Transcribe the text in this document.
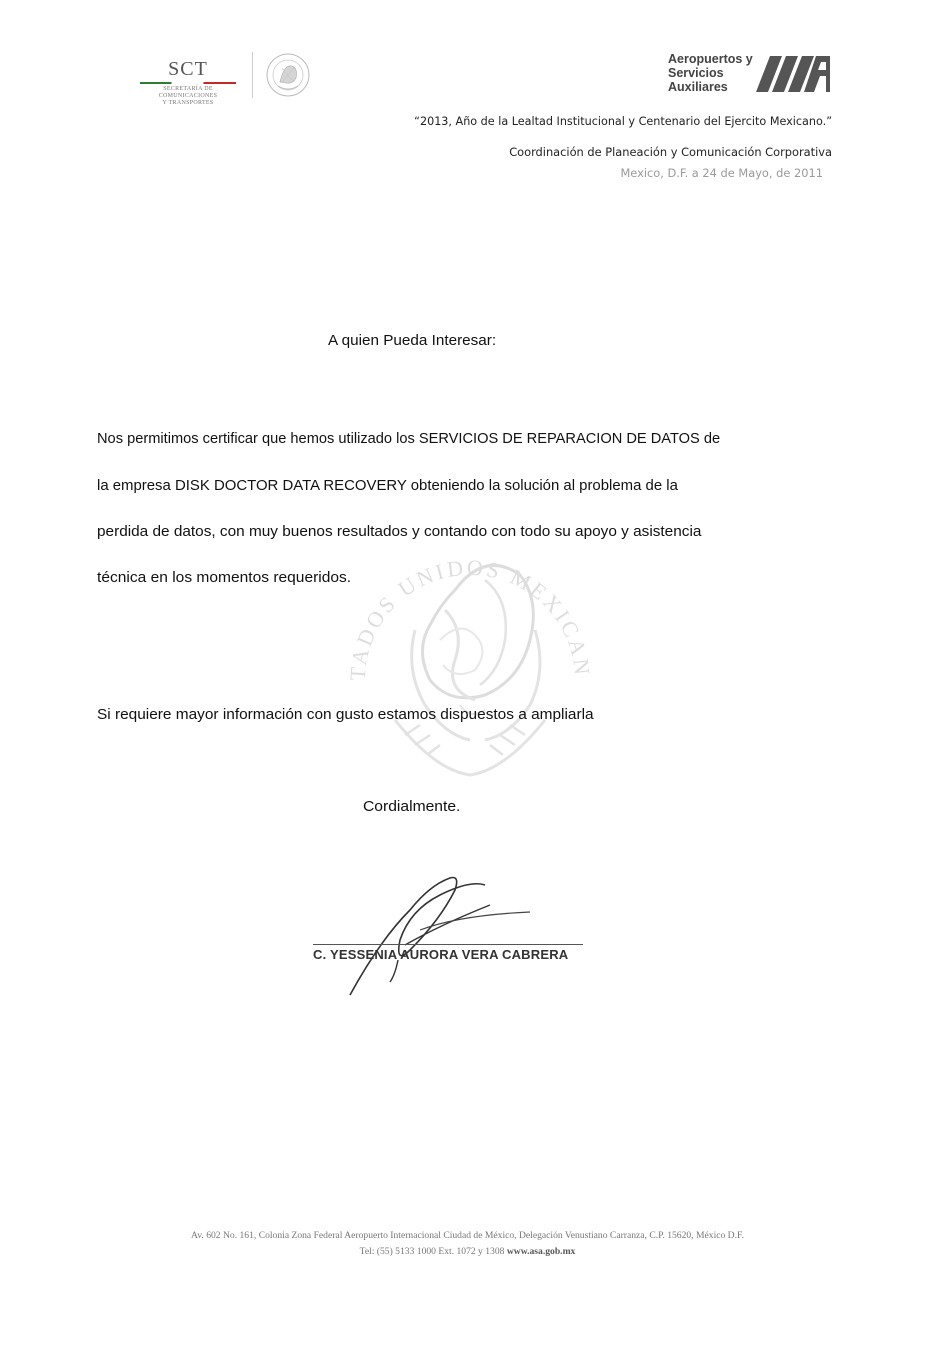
SCT
SECRETARÍA DE
COMUNICACIONES
Y TRANSPORTES
Aeropuertos y
Servicios
Auxiliares
“2013, Año de la Lealtad Institucional y Centenario del Ejercito Mexicano.”
Coordinación de Planeación y Comunicación Corporativa
Mexico, D.F. a 24 de Mayo, de 2011
TADOS UNIDOS MEXICAN
A quien Pueda Interesar:
Nos permitimos certificar que hemos utilizado los SERVICIOS DE REPARACION DE DATOS de
la empresa DISK DOCTOR DATA RECOVERY obteniendo la solución al problema de la
perdida de datos, con muy buenos resultados y contando con todo su apoyo y asistencia
técnica en los momentos requeridos.
Si requiere mayor información con gusto estamos dispuestos a ampliarla
Cordialmente.
C. YESSENIA AURORA VERA CABRERA
Av. 602 No. 161, Colonia Zona Federal Aeropuerto Internacional Ciudad de México, Delegación Venustiano Carranza, C.P. 15620, México D.F.
Tel: (55) 5133 1000 Ext. 1072 y 1308 www.asa.gob.mx
